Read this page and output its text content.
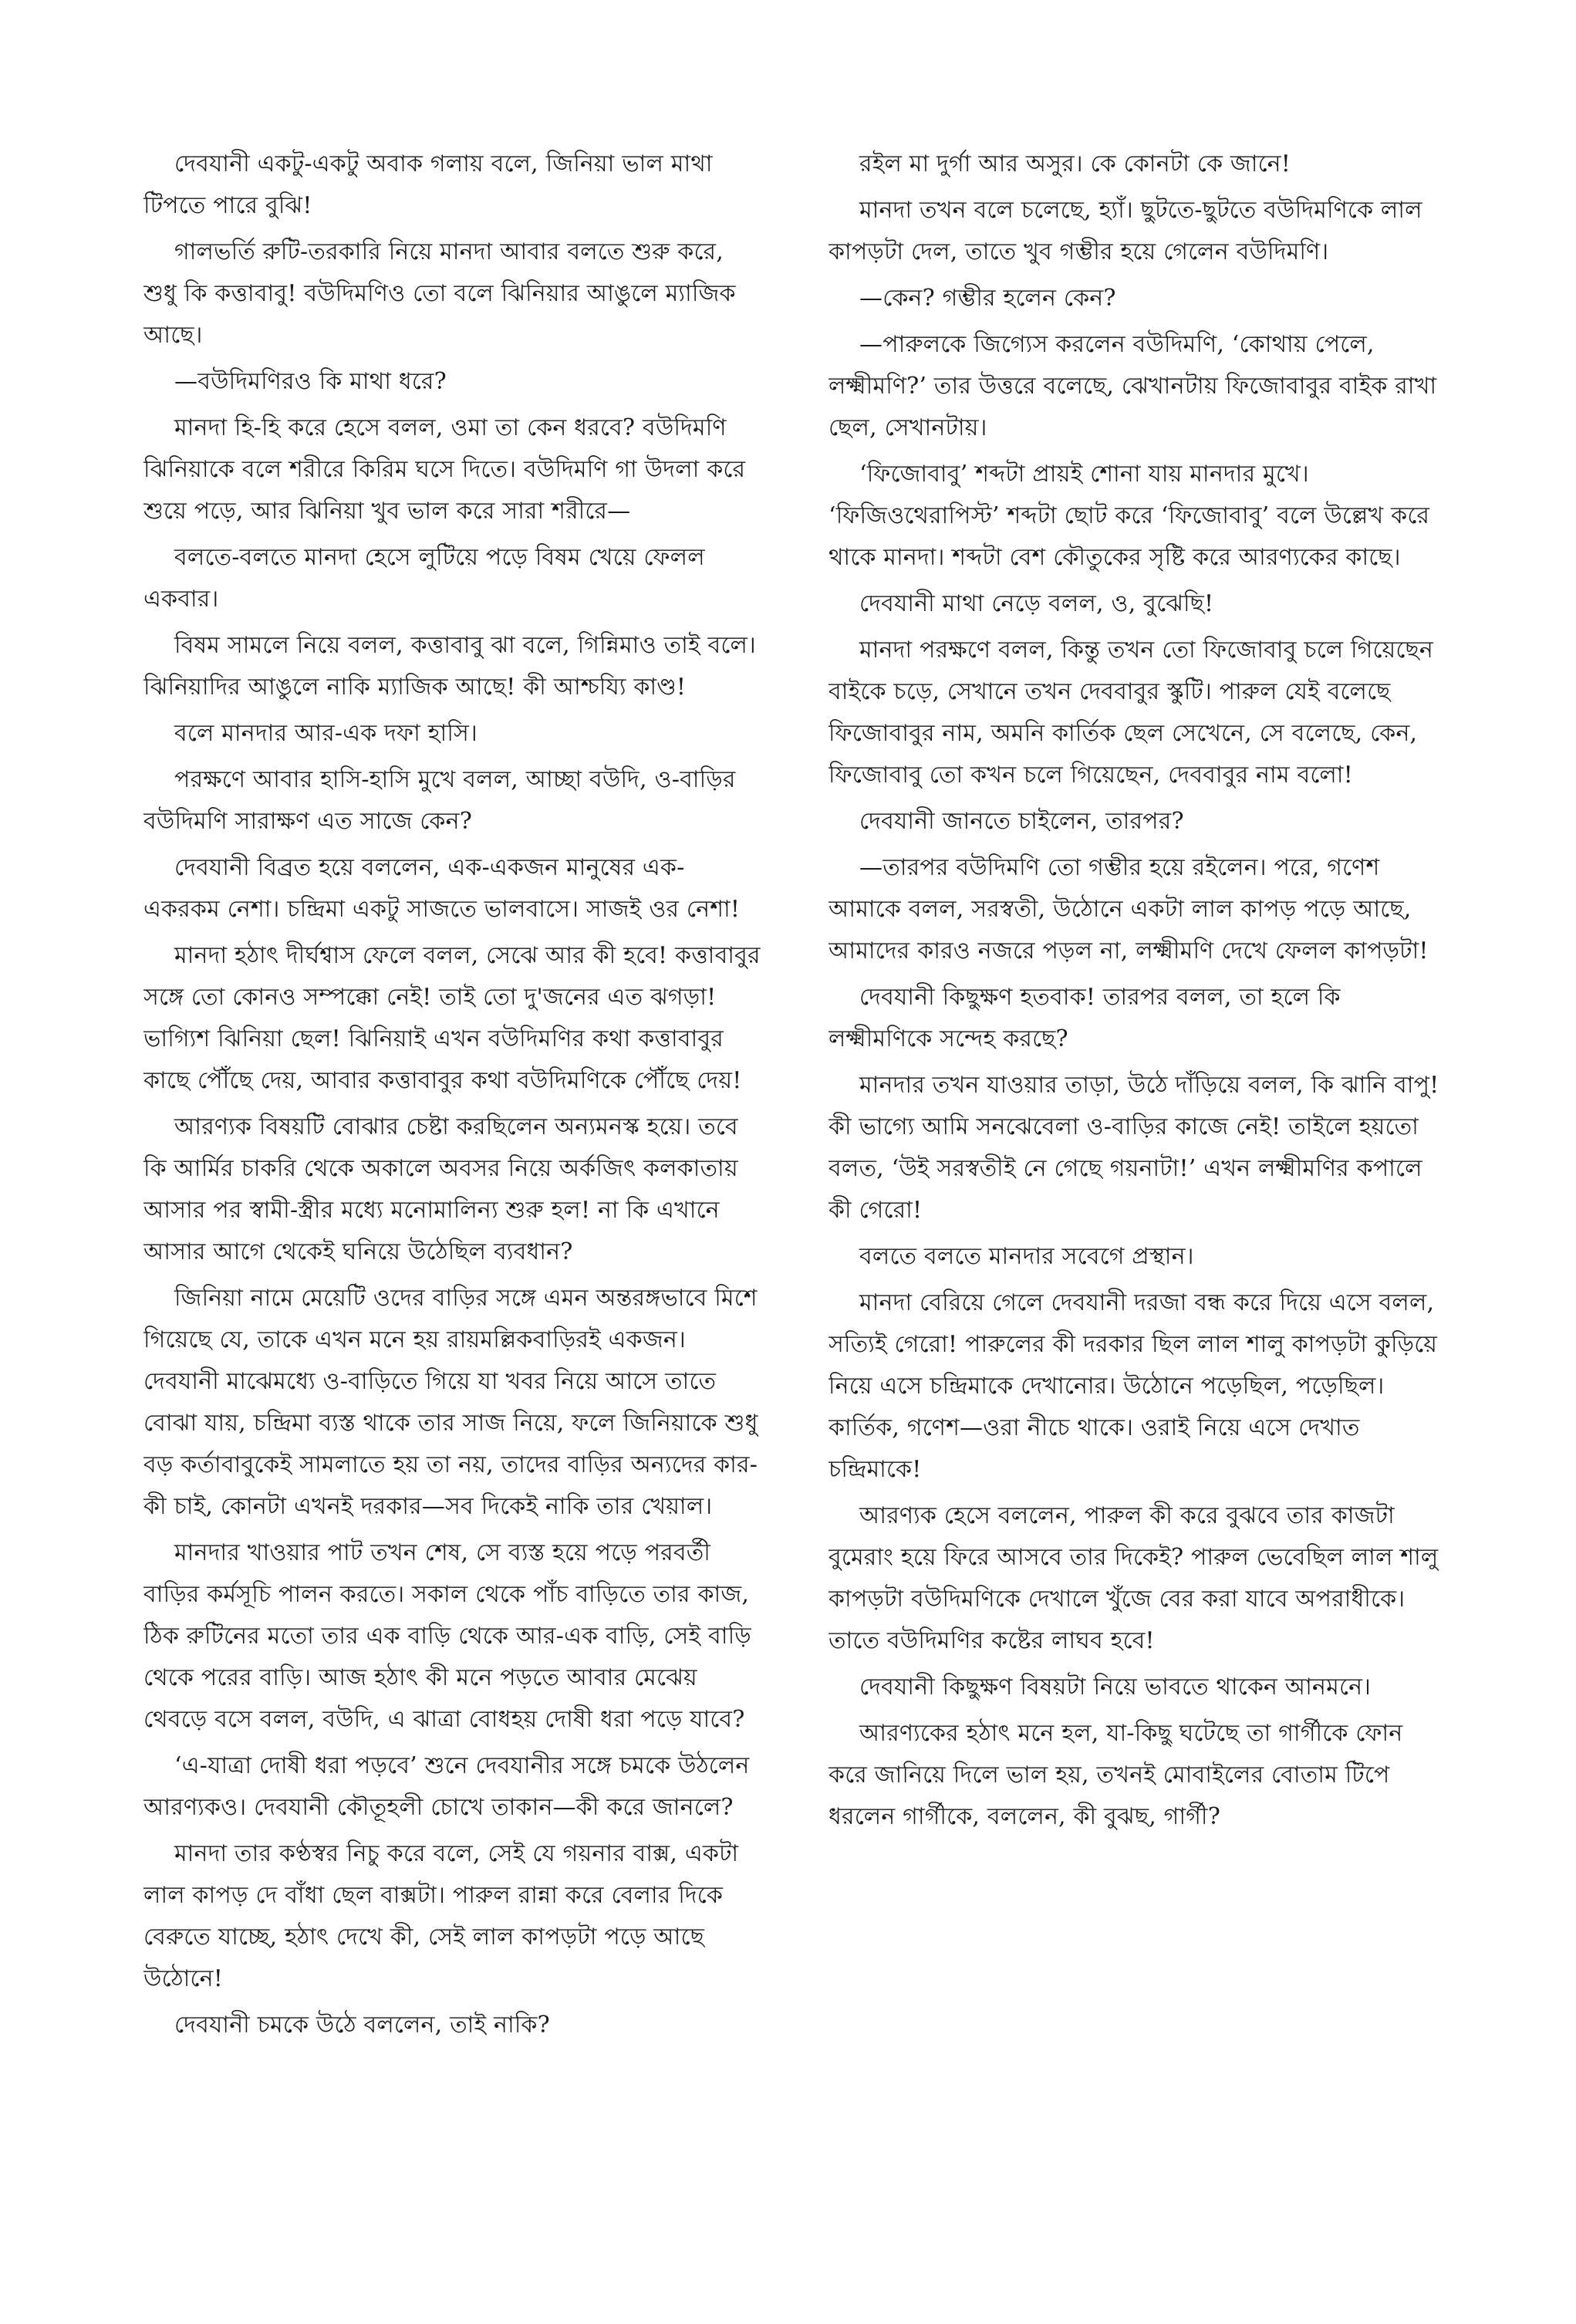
দেবযানী একটু-একটু অবাক গলায় বলে, জিনিয়া ভাল মাথা টিপতে পারে বুঝি!

গালভর্তি রুটি-তরকারি নিয়ে মানদা আবার বলতে শুরু করে, শুধু কি কত্তাবাবু! বউদিমণিও তো বলে ঝিনিয়ার আঙুলে ম্যাজিক আছে।

—বউদিমণিরও কি মাথা ধরে?

মানদা হি-হি করে হেসে বলল, ওমা তা কেন ধরবে? বউদিমণি ঝিনিয়াকে বলে শরীরে কিরিম ঘসে দিতে। বউদিমণি গা উদলা করে শুয়ে পড়ে, আর ঝিনিয়া খুব ভাল করে সারা শরীরে—

বলতে-বলতে মানদা হেসে লুটিয়ে পড়ে বিষম খেয়ে ফেলল একবার।

বিষম সামলে নিয়ে বলল, কত্তাবাবু ঝা বলে, গিন্নিমাও তাই বলে। ঝিনিয়াদির আঙুলে নাকি ম্যাজিক আছে! কী আশ্চয্যি কাণ্ড!

বলে মানদার আর-এক দফা হাসি।

পরক্ষণে আবার হাসি-হাসি মুখে বলল, আচ্ছা বউদি, ও-বাড়ির বউদিমণি সারাক্ষণ এত সাজে কেন?

দেবযানী বিব্রত হয়ে বললেন, এক-একজন মানুষের এক-একরকম নেশা। চন্দ্রিমা একটু সাজতে ভালবাসে। সাজই ওর নেশা!

মানদা হঠাৎ দীর্ঘশ্বাস ফেলে বলল, সেঝে আর কী হবে! কত্তাবাবুর সঙ্গে তো কোনও সম্পক্কো নেই! তাই তো দু'জনের এত ঝগড়া! ভাগ্যিশ ঝিনিয়া ছেল! ঝিনিয়াই এখন বউদিমণির কথা কত্তাবাবুর কাছে পৌঁছে দেয়, আবার কত্তাবাবুর কথা বউদিমণিকে পৌঁছে দেয়!

আরণ্যক বিষয়টি বোঝার চেষ্টা করছিলেন অন্যমনস্ক হয়ে। তবে কি আর্মির চাকরি থেকে অকালে অবসর নিয়ে অর্কজিৎ কলকাতায় আসার পর স্বামী-স্ত্রীর মধ্যে মনোমালিন্য শুরু হল! না কি এখানে আসার আগে থেকেই ঘনিয়ে উঠেছিল ব্যবধান?

জিনিয়া নামে মেয়েটি ওদের বাড়ির সঙ্গে এমন অন্তরঙ্গভাবে মিশে গিয়েছে যে, তাকে এখন মনে হয় রায়মল্লিকবাড়িরই একজন। দেবযানী মাঝেমধ্যে ও-বাড়িতে গিয়ে যা খবর নিয়ে আসে তাতে বোঝা যায়, চন্দ্রিমা ব্যস্ত থাকে তার সাজ নিয়ে, ফলে জিনিয়াকে শুধু বড় কর্তাবাবুকেই সামলাতে হয় তা নয়, তাদের বাড়ির অন্যদের কার-কী চাই, কোনটা এখনই দরকার—সব দিকেই নাকি তার খেয়াল।

মানদার খাওয়ার পাট তখন শেষ, সে ব্যস্ত হয়ে পড়ে পরবর্তী বাড়ির কর্মসূচি পালন করতে। সকাল থেকে পাঁচ বাড়িতে তার কাজ, ঠিক রুটিনের মতো তার এক বাড়ি থেকে আর-এক বাড়ি, সেই বাড়ি থেকে পরের বাড়ি। আজ হঠাৎ কী মনে পড়তে আবার মেঝেয় থেবড়ে বসে বলল, বউদি, এ ঝাত্রা বোধহয় দোষী ধরা পড়ে যাবে?

‘এ-যাত্রা দোষী ধরা পড়বে’ শুনে দেবযানীর সঙ্গে চমকে উঠলেন আরণ্যকও। দেবযানী কৌতূহলী চোখে তাকান—কী করে জানলে?

মানদা তার কণ্ঠস্বর নিচু করে বলে, সেই যে গয়নার বাক্স, একটা লাল কাপড় দে বাঁধা ছেল বাক্সটা। পারুল রান্না করে বেলার দিকে বেরুতে যাচ্ছে, হঠাৎ দেখে কী, সেই লাল কাপড়টা পড়ে আছে উঠোনে!

দেবযানী চমকে উঠে বললেন, তাই নাকি?

রইল মা দুর্গা আর অসুর। কে কোনটা কে জানে!

মানদা তখন বলে চলেছে, হ্যাঁ। ছুটতে-ছুটতে বউদিমণিকে লাল কাপড়টা দেল, তাতে খুব গম্ভীর হয়ে গেলেন বউদিমণি।

—কেন? গম্ভীর হলেন কেন?

—পারুলকে জিগ্যেস করলেন বউদিমণি, ‘কোথায় পেলে, লক্ষ্মীমণি?’ তার উত্তরে বলেছে, ঝেখানটায় ফিজোবাবুর বাইক রাখা ছেল, সেখানটায়।

‘ফিজোবাবু’ শব্দটা প্রায়ই শোনা যায় মানদার মুখে। ‘ফিজিওথেরাপিস্ট’ শব্দটা ছোট করে ‘ফিজোবাবু’ বলে উল্লেখ করে থাকে মানদা। শব্দটা বেশ কৌতুকের সৃষ্টি করে আরণ্যকের কাছে।

দেবযানী মাথা নেড়ে বলল, ও, বুঝেছি!

মানদা পরক্ষণে বলল, কিন্তু তখন তো ফিজোবাবু চলে গিয়েছেন বাইকে চড়ে, সেখানে তখন দেববাবুর স্কুটি। পারুল যেই বলেছে ফিজোবাবুর নাম, অমনি কার্তিক ছেল সেখেনে, সে বলেছে, কেন, ফিজোবাবু তো কখন চলে গিয়েছেন, দেববাবুর নাম বলো!

দেবযানী জানতে চাইলেন, তারপর?

—তারপর বউদিমণি তো গম্ভীর হয়ে রইলেন। পরে, গণেশ আমাকে বলল, সরস্বতী, উঠোনে একটা লাল কাপড় পড়ে আছে, আমাদের কারও নজরে পড়ল না, লক্ষ্মীমণি দেখে ফেলল কাপড়টা!

দেবযানী কিছুক্ষণ হতবাক! তারপর বলল, তা হলে কি লক্ষ্মীমণিকে সন্দেহ করছে?

মানদার তখন যাওয়ার তাড়া, উঠে দাঁড়িয়ে বলল, কি ঝানি বাপু! কী ভাগ্যে আমি সনঝেবেলা ও-বাড়ির কাজে নেই! তাইলে হয়তো বলত, ‘উই সরস্বতীই নে গেছে গয়নাটা!’ এখন লক্ষ্মীমণির কপালে কী গেরো!

বলতে বলতে মানদার সবেগে প্রস্থান।

মানদা বেরিয়ে গেলে দেবযানী দরজা বন্ধ করে দিয়ে এসে বলল, সত্যিই গেরো! পারুলের কী দরকার ছিল লাল শালু কাপড়টা কুড়িয়ে নিয়ে এসে চন্দ্রিমাকে দেখানোর। উঠোনে পড়েছিল, পড়েছিল। কার্তিক, গণেশ—ওরা নীচে থাকে। ওরাই নিয়ে এসে দেখাত চন্দ্রিমাকে!

আরণ্যক হেসে বললেন, পারুল কী করে বুঝবে তার কাজটা বুমেরাং হয়ে ফিরে আসবে তার দিকেই? পারুল ভেবেছিল লাল শালু কাপড়টা বউদিমণিকে দেখালে খুঁজে বের করা যাবে অপরাধীকে। তাতে বউদিমণির কষ্টের লাঘব হবে!

দেবযানী কিছুক্ষণ বিষয়টা নিয়ে ভাবতে থাকেন আনমনে।

আরণ্যকের হঠাৎ মনে হল, যা-কিছু ঘটেছে তা গার্গীকে ফোন করে জানিয়ে দিলে ভাল হয়, তখনই মোবাইলের বোতাম টিপে ধরলেন গার্গীকে, বললেন, কী বুঝছ, গার্গী?
